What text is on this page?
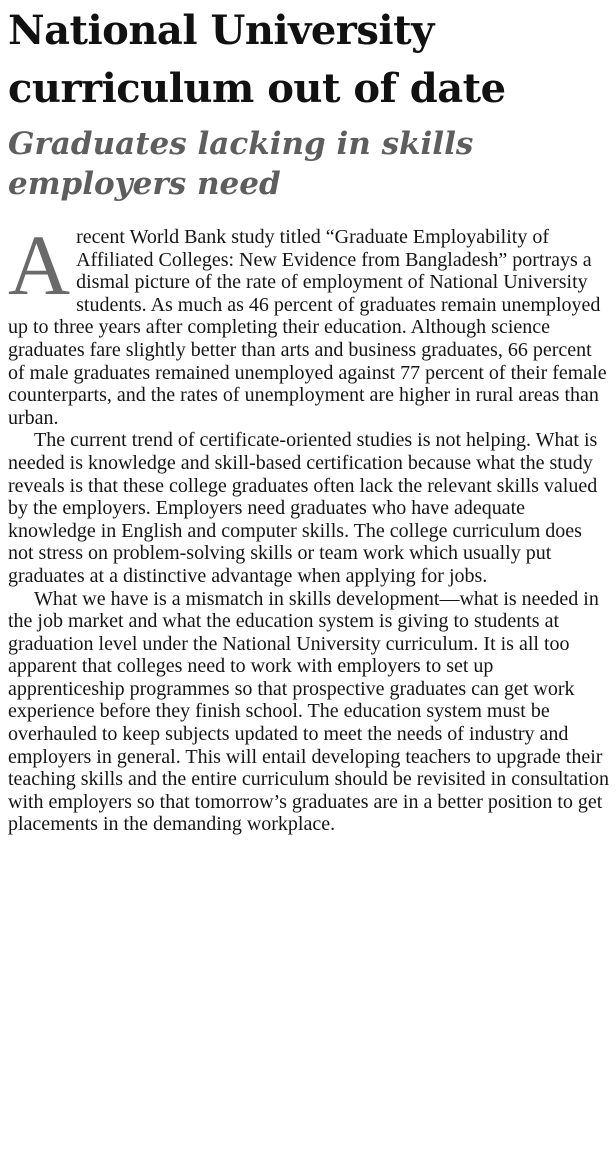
National University curriculum out of date
Graduates lacking in skills employers need

Arecent World Bank study titled “Graduate Employability of Affiliated Colleges: New Evidence from Bangladesh” portrays a dismal picture of the rate of employment of National University students. As much as 46 percent of graduates remain unemployed up to three years after completing their education. Although science graduates fare slightly better than arts and business graduates, 66 percent of male graduates remained unemployed against 77 percent of their female counterparts, and the rates of unemployment are higher in rural areas than urban.

The current trend of certificate-oriented studies is not helping. What is needed is knowledge and skill-based certification because what the study reveals is that these college graduates often lack the relevant skills valued by the employers. Employers need graduates who have adequate knowledge in English and computer skills. The college curriculum does not stress on problem-solving skills or team work which usually put graduates at a distinctive advantage when applying for jobs.

What we have is a mismatch in skills development—what is needed in the job market and what the education system is giving to students at graduation level under the National University curriculum. It is all too apparent that colleges need to work with employers to set up apprenticeship programmes so that prospective graduates can get work experience before they finish school. The education system must be overhauled to keep subjects updated to meet the needs of industry and employers in general. This will entail developing teachers to upgrade their teaching skills and the entire curriculum should be revisited in consultation with employers so that tomorrow’s graduates are in a better position to get placements in the demanding workplace.
